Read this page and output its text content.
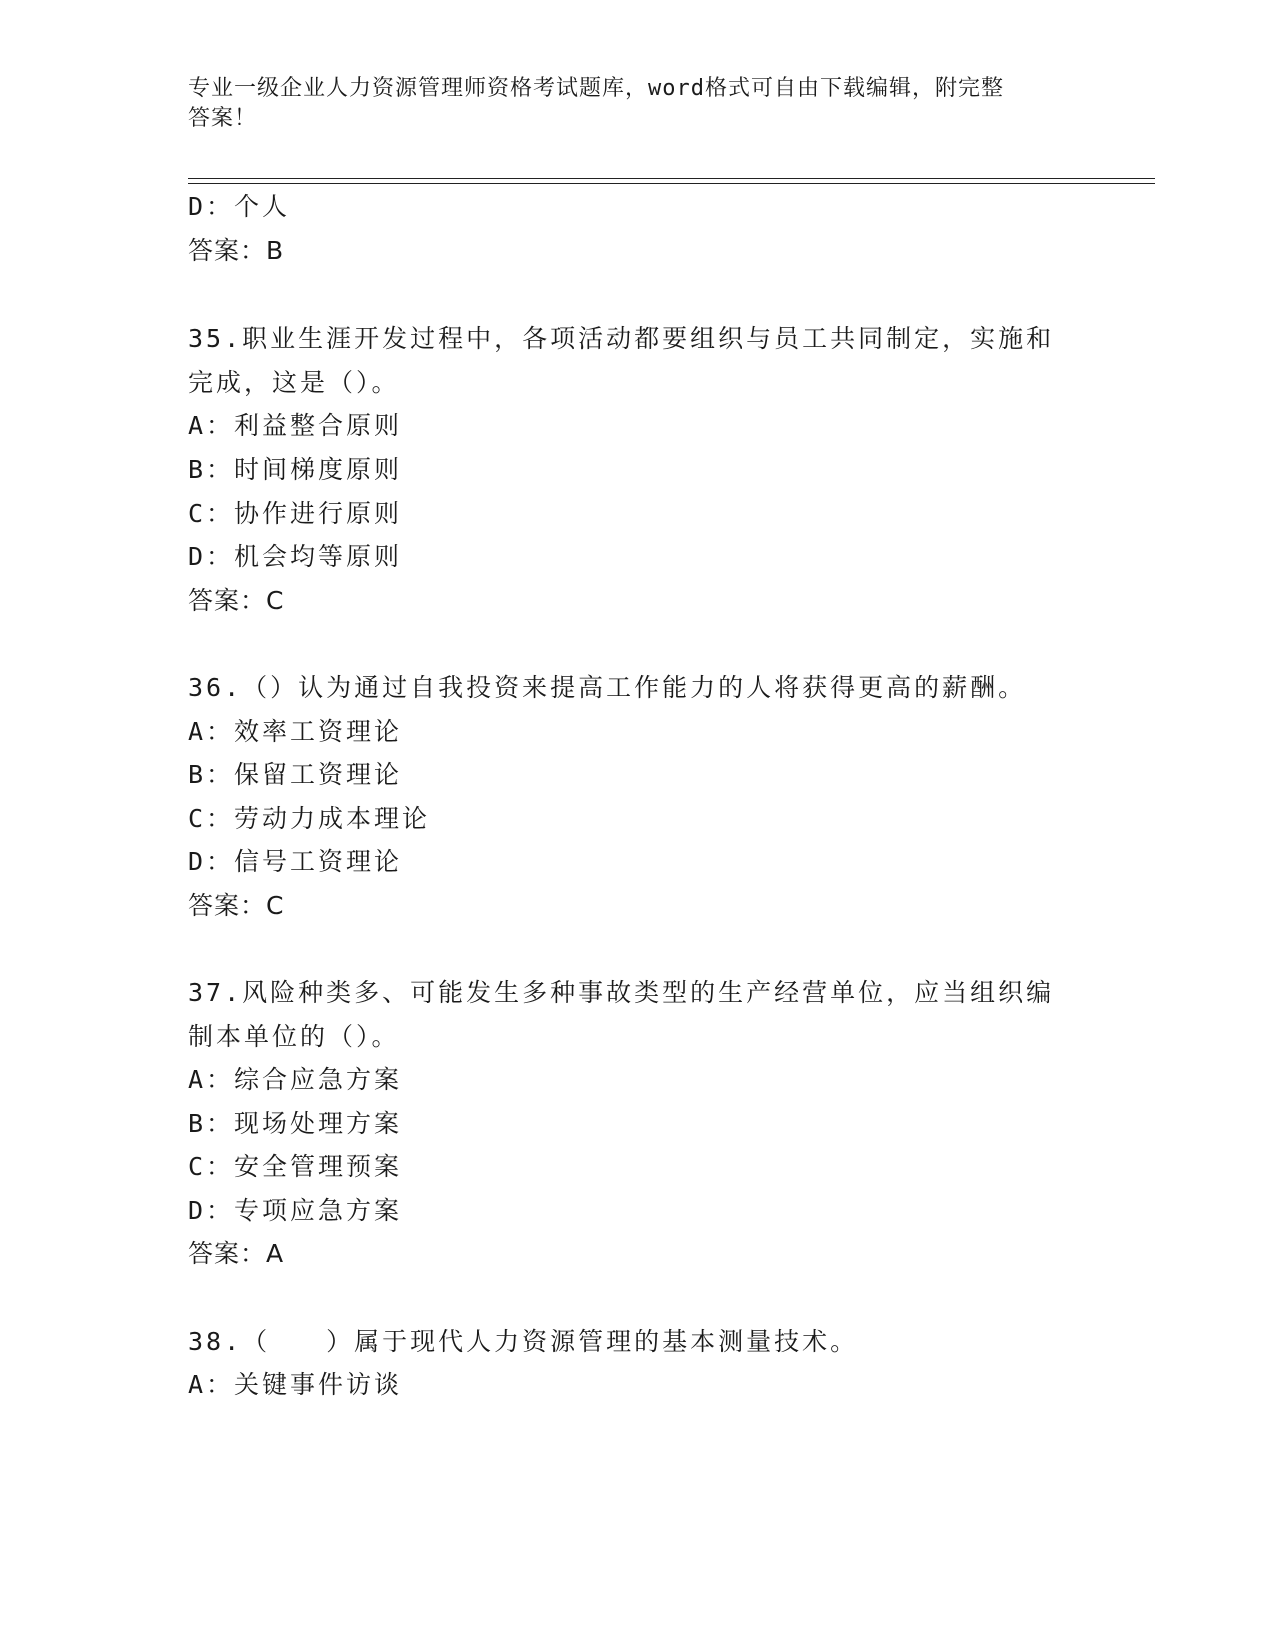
专业一级企业人力资源管理师资格考试题库，word格式可自由下载编辑，附完整
答案！
D：个人
答案：B
35.职业生涯开发过程中，各项活动都要组织与员工共同制定，实施和
完成，这是（）。
A：利益整合原则
B：时间梯度原则
C：协作进行原则
D：机会均等原则
答案：C
36.（）认为通过自我投资来提高工作能力的人将获得更高的薪酬。
A：效率工资理论
B：保留工资理论
C：劳动力成本理论
D：信号工资理论
答案：C
37.风险种类多、可能发生多种事故类型的生产经营单位，应当组织编
制本单位的（）。
A：综合应急方案
B：现场处理方案
C：安全管理预案
D：专项应急方案
答案：A
38.（　　）属于现代人力资源管理的基本测量技术。
A：关键事件访谈
